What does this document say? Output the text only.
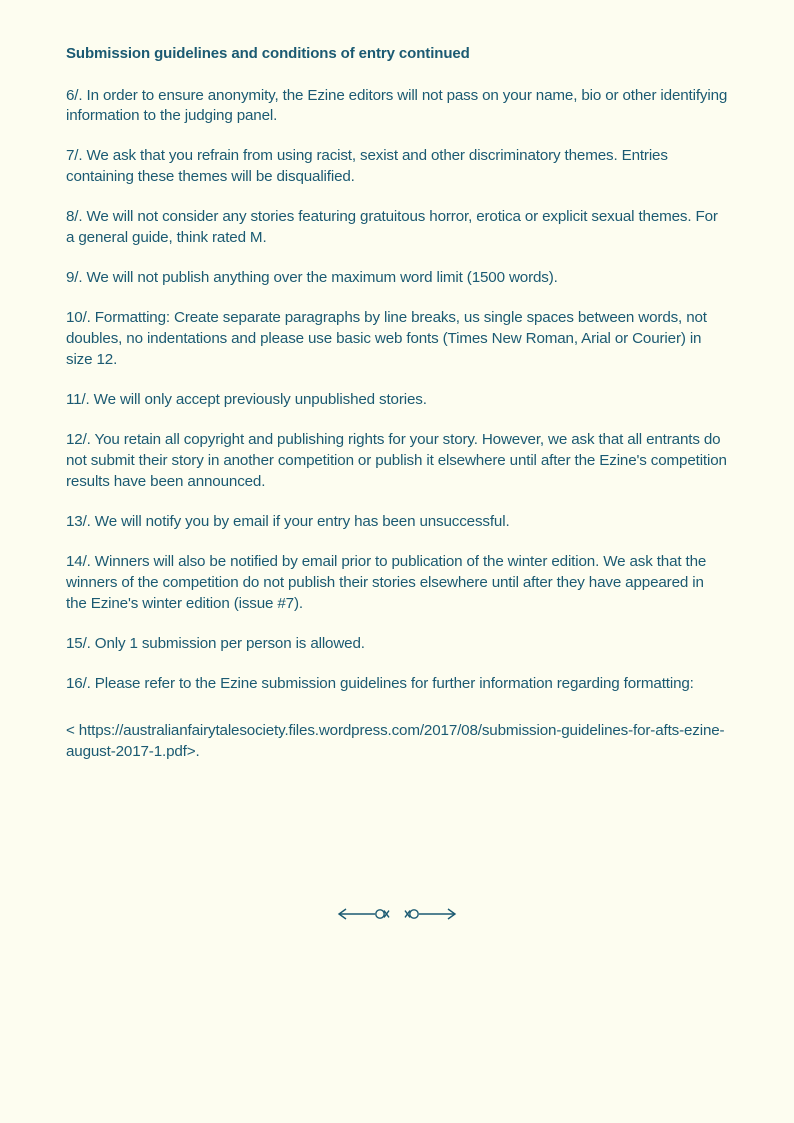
Submission guidelines and conditions of entry continued

6/. In order to ensure anonymity, the Ezine editors will not pass on your name, bio or other identifying information to the judging panel.

7/. We ask that you refrain from using racist, sexist and other discriminatory themes. Entries containing these themes will be disqualified.

8/. We will not consider any stories featuring gratuitous horror, erotica or explicit sexual themes. For a general guide, think rated M.

9/. We will not publish anything over the maximum word limit (1500 words).

10/. Formatting: Create separate paragraphs by line breaks, us single spaces between words, not doubles, no indentations and please use basic web fonts (Times New Roman, Arial or Courier) in size 12.

11/. We will only accept previously unpublished stories.

12/. You retain all copyright and publishing rights for your story. However, we ask that all entrants do not submit their story in another competition or publish it elsewhere until after the Ezine's competition results have been announced.

13/. We will notify you by email if your entry has been unsuccessful.

14/. Winners will also be notified by email prior to publication of the winter edition. We ask that the winners of the competition do not publish their stories elsewhere until after they have appeared in the Ezine's winter edition (issue #7).

15/. Only 1 submission per person is allowed.

16/. Please refer to the Ezine submission guidelines for further information regarding formatting:

< https://australianfairytalesociety.files.wordpress.com/2017/08/submission-guidelines-for-afts-ezine-august-2017-1.pdf>.
